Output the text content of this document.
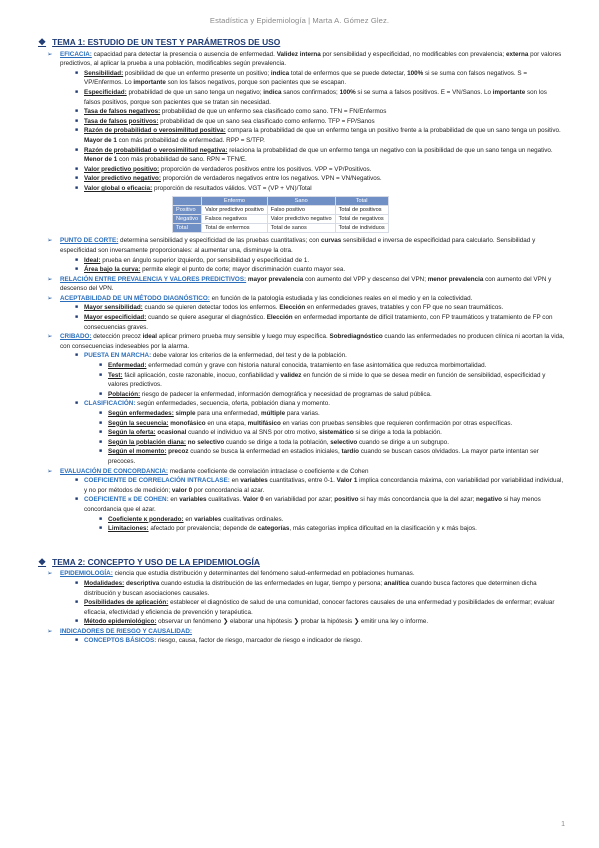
Estadística y Epidemiología | Marta A. Gómez Glez.
❖ TEMA 1: ESTUDIO DE UN TEST Y PARÁMETROS DE USO
➢ EFICACIA: capacidad para detectar la presencia o ausencia de enfermedad. Validez interna por sensibilidad y especificidad, no modificables con prevalencia; externa por valores predictivos, al aplicar la prueba a una población, modificables según prevalencia.
■ Sensibilidad: posibilidad de que un enfermo presente un positivo; indica total de enfermos que se puede detectar, 100% si se suma con falsos negativos. S = VP/Enfermos. Lo importante son los falsos negativos, porque son pacientes que se escapan.
■ Especificidad: probabilidad de que un sano tenga un negativo; indica sanos confirmados; 100% si se suma a falsos positivos. E = VN/Sanos. Lo importante son los falsos positivos, porque son pacientes que se tratan sin necesidad.
■ Tasa de falsos negativos: probabilidad de que un enfermo sea clasificado como sano. TFN = FN/Enfermos
■ Tasa de falsos positivos: probabilidad de que un sano sea clasificado como enfermo. TFP = FP/Sanos
■ Razón de probabilidad o verosimilitud positiva: compara la probabilidad de que un enfermo tenga un positivo frente a la probabilidad de que un sano tenga un positivo. Mayor de 1 con más probabilidad de enfermedad. RPP = S/TFP.
■ Razón de probabilidad o verosimilitud negativa: relaciona la probabilidad de que un enfermo tenga un negativo con la posibilidad de que un sano tenga un negativo. Menor de 1 con más probabilidad de sano. RPN = TFN/E.
■ Valor predictivo positivo: proporción de verdaderos positivos entre los positivos. VPP = VP/Positivos.
■ Valor predictivo negativo: proporción de verdaderos negativos entre los negativos. VPN = VN/Negativos.
■ Valor global o eficacia: proporción de resultados válidos. VGT = (VP + VN)/Total
	Enfermo	Sano	Total
Positivo	Valor predictivo positivo	Falso positivo	Total de positivos
Negativo	Falsos negativos	Valor predictivo negativo	Total de negativos
Total	Total de enfermos	Total de sanos	Total de individuos
➢ PUNTO DE CORTE: determina sensibilidad y especificidad de las pruebas cuantitativas; con curvas sensibilidad e inversa de especificidad para calcularlo. Sensibilidad y especificidad son inversamente proporcionales: al aumentar una, disminuye la otra.
■ Ideal: prueba en ángulo superior izquierdo, por sensibilidad y especificidad de 1.
■ Área bajo la curva: permite elegir el punto de corte; mayor discriminación cuanto mayor sea.
➢ RELACIÓN ENTRE PREVALENCIA Y VALORES PREDICTIVOS: mayor prevalencia con aumento del VPP y descenso del VPN; menor prevalencia con aumento del VPN y descenso del VPN.
➢ ACEPTABILIDAD DE UN MÉTODO DIAGNÓSTICO: en función de la patología estudiada y las condiciones reales en el medio y en la colectividad.
■ Mayor sensibilidad: cuando se quieren detectar todos los enfermos. Elección en enfermedades graves, tratables y con FP que no sean traumáticos.
■ Mayor especificidad: cuando se quiere asegurar el diagnóstico. Elección en enfermedad importante de difícil tratamiento, con FP traumáticos y tratamiento de FP con consecuencias graves.
➢ CRIBADO: detección precoz ideal aplicar primero prueba muy sensible y luego muy específica. Sobrediagnóstico cuando las enfermedades no producen clínica ni acortan la vida, con consecuencias indeseables por la alarma.
■ PUESTA EN MARCHA: debe valorar los criterios de la enfermedad, del test y de la población.
■ Enfermedad: enfermedad común y grave con historia natural conocida, tratamiento en fase asintomática que reduzca morbimortalidad.
■ Test: fácil aplicación, coste razonable, inocuo, confiabilidad y validez en función de si mide lo que se desea medir en función de sensibilidad, especificidad y valores predictivos.
■ Población: riesgo de padecer la enfermedad, información demográfica y necesidad de programas de salud pública.
■ CLASIFICACIÓN: según enfermedades, secuencia, oferta, población diana y momento.
■ Según enfermedades: simple para una enfermedad, múltiple para varias.
■ Según la secuencia: monofásico en una etapa, multifásico en varias con pruebas sensibles que requieren confirmación por otras específicas.
■ Según la oferta: ocasional cuando el individuo va al SNS por otro motivo, sistemático si se dirige a toda la población.
■ Según la población diana: no selectivo cuando se dirige a toda la población, selectivo cuando se dirige a un subgrupo.
■ Según el momento: precoz cuando se busca la enfermedad en estadios iniciales, tardío cuando se buscan casos olvidados. La mayor parte intentan ser precoces.
➢ EVALUACIÓN DE CONCORDANCIA: mediante coeficiente de correlación intraclase o coeficiente κ de Cohen
■ COEFICIENTE DE CORRELACIÓN INTRACLASE: en variables cuantitativas, entre 0-1. Valor 1 implica concordancia máxima, con variabilidad por variabilidad individual, y no por métodos de medición; valor 0 por concordancia al azar.
■ COEFICIENTE κ DE COHEN: en variables cualitativas. Valor 0 en variabilidad por azar; positivo si hay más concordancia que la del azar; negativo si hay menos concordancia que el azar.
■ Coeficiente κ ponderado: en variables cualitativas ordinales.
■ Limitaciones: afectado por prevalencia; depende de categorías, más categorías implica dificultad en la clasificación y κ más bajos.
❖ TEMA 2: CONCEPTO Y USO DE LA EPIDEMIOLOGÍA
➢ EPIDEMIOLOGÍA: ciencia que estudia distribución y determinantes del fenómeno salud-enfermedad en poblaciones humanas.
■ Modalidades: descriptiva cuando estudia la distribución de las enfermedades en lugar, tiempo y persona; analítica cuando busca factores que determinen dicha distribución y buscan asociaciones causales.
■ Posibilidades de aplicación: establecer el diagnóstico de salud de una comunidad, conocer factores causales de una enfermedad y posibilidades de enfermar; evaluar eficacia, efectividad y eficiencia de prevención y terapéutica.
■ Método epidemiológico: observar un fenómeno ❯ elaborar una hipótesis ❯ probar la hipótesis ❯ emitir una ley o informe.
➢ INDICADORES DE RIESGO Y CAUSALIDAD:
■ CONCEPTOS BÁSICOS: riesgo, causa, factor de riesgo, marcador de riesgo e indicador de riesgo.
1
